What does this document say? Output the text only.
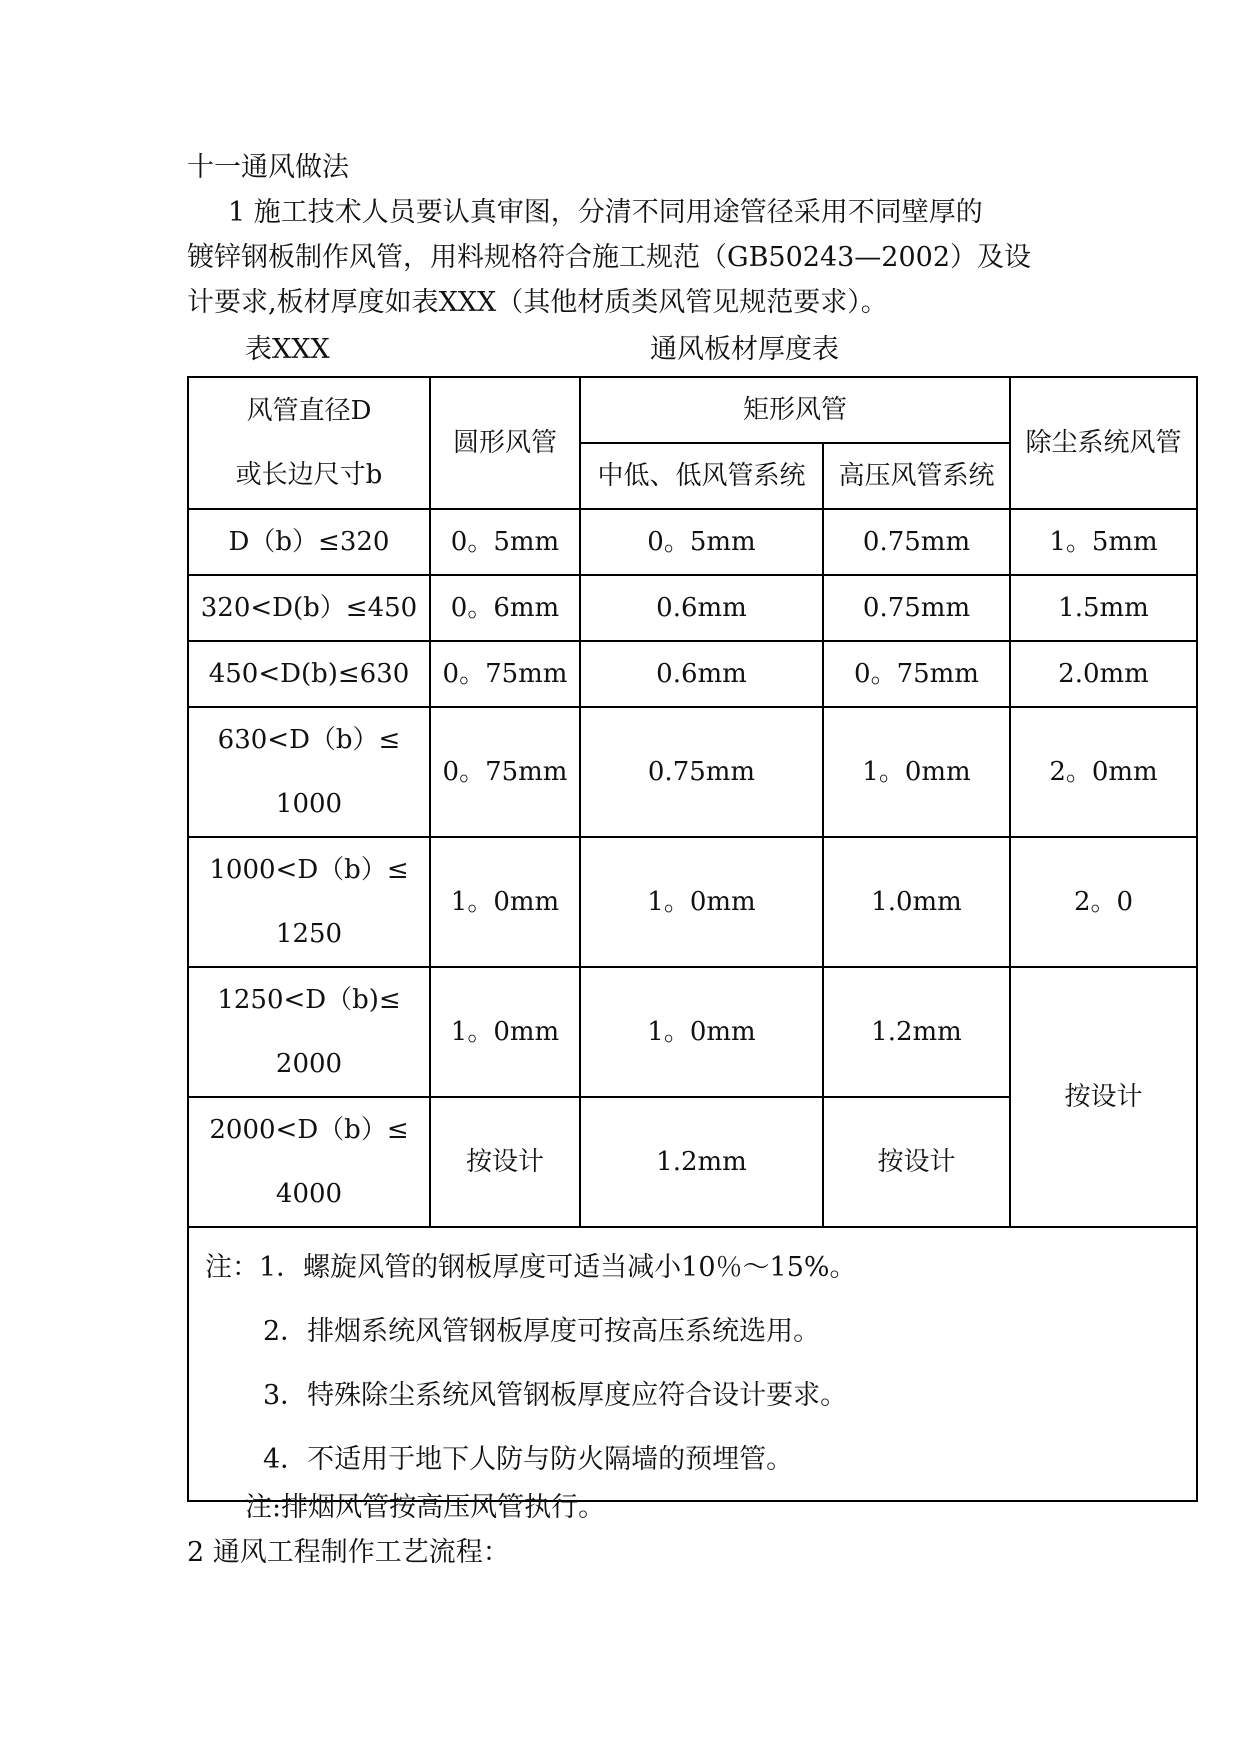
十一通风做法
1 施工技术人员要认真审图，分清不同用途管径采用不同壁厚的
镀锌钢板制作风管，用料规格符合施工规范（GB50243—2002）及设
计要求,板材厚度如表XXX（其他材质类风管见规范要求）。
表XXX	通风板材厚度表
风管直径D
或长边尺寸b	圆形风管	矩形风管		除尘系统风管
		中低、低风管系统	高压风管系统	
D（b）≤320	0。5mm	0。5mm	0.75mm	1。5mm
320<D(b）≤450	0。6mm	0.6mm	0.75mm	1.5mm
450<D(b)≤630	0。75mm	0.6mm	0。75mm	2.0mm

630<D（b）≤
1000	0。75mm	0.75mm	1。0mm	2。0mm

1000<D（b）≤
1250	1。0mm	1。0mm	1.0mm	2。0

1250<D（b)≤
2000	1。0mm	1。0mm	1.2mm	按设计

2000<D（b）≤
4000	按设计	1.2mm	按设计	

注：1．螺旋风管的钢板厚度可适当减小10％～15%。
2．排烟系统风管钢板厚度可按高压系统选用。
3．特殊除尘系统风管钢板厚度应符合设计要求。
4．不适用于地下人防与防火隔墙的预埋管。				
注:排烟风管按高压风管执行。
2 通风工程制作工艺流程：
